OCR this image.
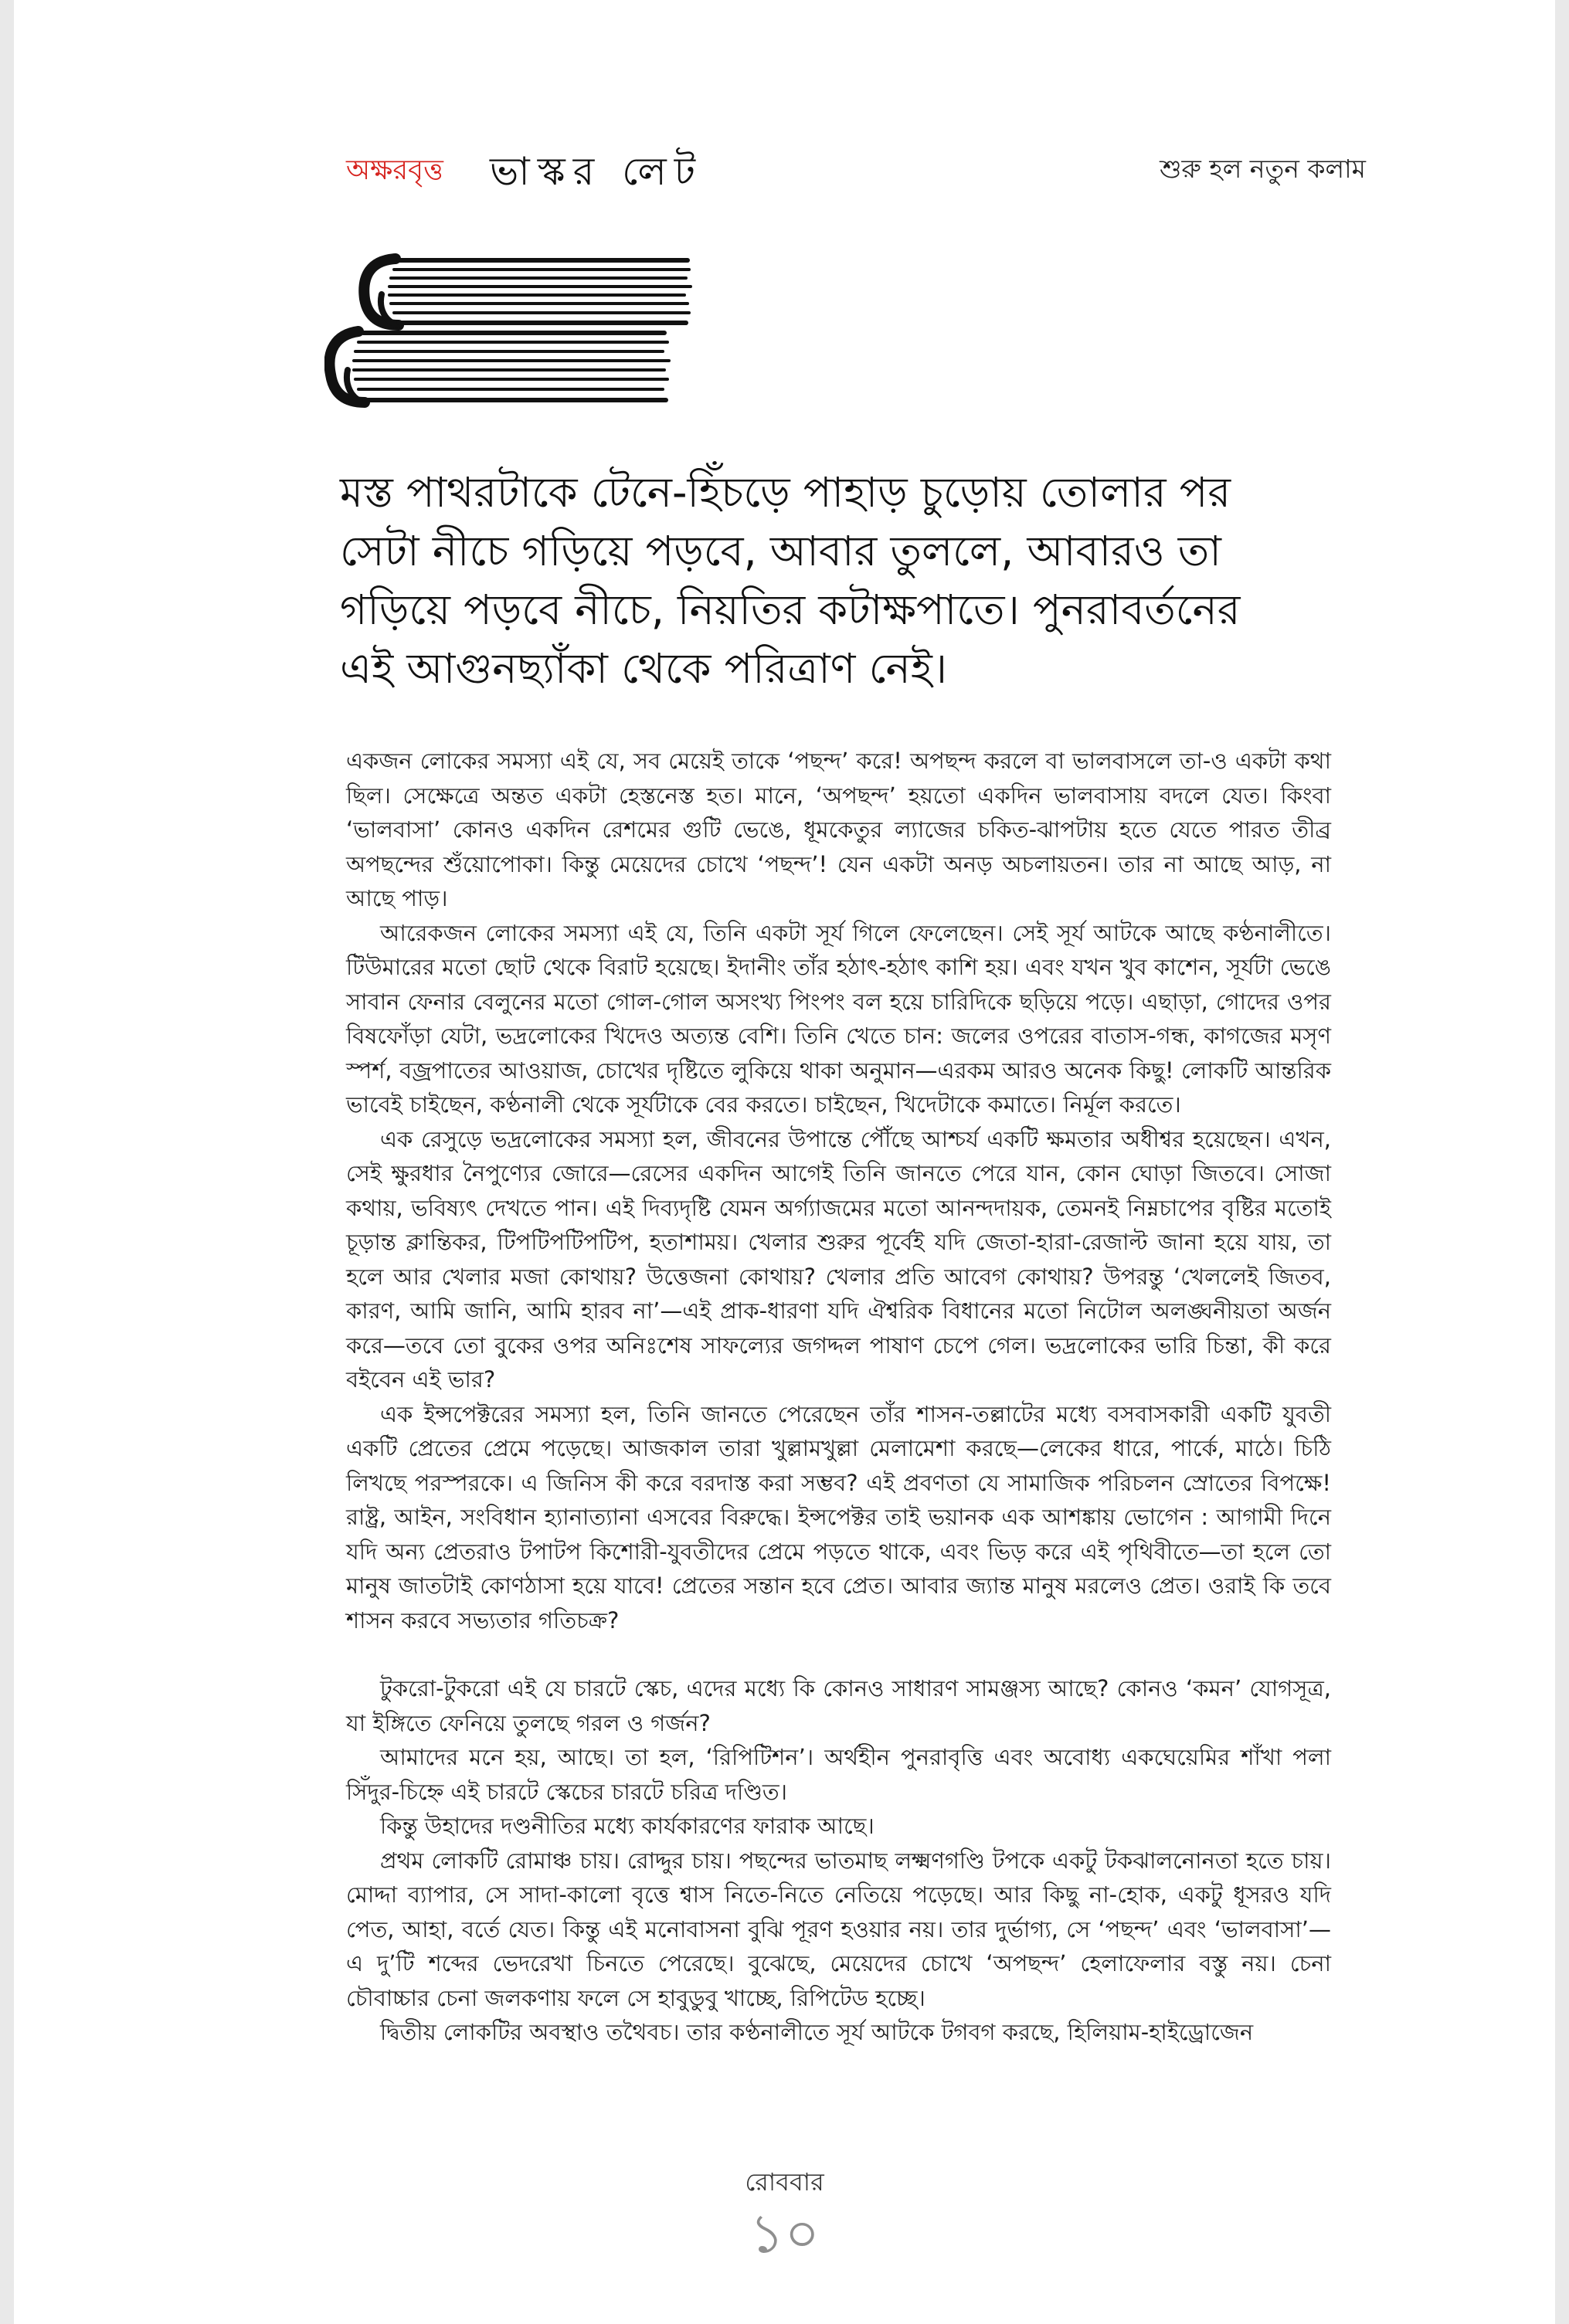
অক্ষরবৃত্ত ভাস্কর লেট	শুরু হল নতুন কলাম

মস্ত পাথরটাকে টেনে-হিঁচড়ে পাহাড় চুড়োয় তোলার পর

সেটা নীচে গড়িয়ে পড়বে, আবার তুললে, আবারও তা

গড়িয়ে পড়বে নীচে, নিয়তির কটাক্ষপাতে। পুনরাবর্তনের

এই আগুনছ্যাঁকা থেকে পরিত্রাণ নেই।

একজন লোকের সমস্যা এই যে, সব মেয়েই তাকে ‘পছন্দ’ করে! অপছন্দ করলে বা ভালবাসলে তা-ও একটা কথা ছিল। সেক্ষেত্রে অন্তত একটা হেস্তনেস্ত হত। মানে, ‘অপছন্দ’ হয়তো একদিন ভালবাসায় বদলে যেত। কিংবা ‘ভালবাসা’ কোনও একদিন রেশমের গুটি ভেঙে, ধূমকেতুর ল্যাজের চকিত-ঝাপটায় হতে যেতে পারত তীব্র অপছন্দের শুঁয়োপোকা। কিন্তু মেয়েদের চোখে ‘পছন্দ’! যেন একটা অনড় অচলায়তন। তার না আছে আড়, না আছে পাড়।

আরেকজন লোকের সমস্যা এই যে, তিনি একটা সূর্য গিলে ফেলেছেন। সেই সূর্য আটকে আছে কণ্ঠনালীতে। টিউমারের মতো ছোট থেকে বিরাট হয়েছে। ইদানীং তাঁর হঠাৎ-হঠাৎ কাশি হয়। এবং যখন খুব কাশেন, সূর্যটা ভেঙে সাবান ফেনার বেলুনের মতো গোল-গোল অসংখ্য পিংপং বল হয়ে চারিদিকে ছড়িয়ে পড়ে। এছাড়া, গোদের ওপর বিষফোঁড়া যেটা, ভদ্রলোকের খিদেও অত্যন্ত বেশি। তিনি খেতে চান: জলের ওপরের বাতাস-গন্ধ, কাগজের মসৃণ স্পর্শ, বজ্রপাতের আওয়াজ, চোখের দৃষ্টিতে লুকিয়ে থাকা অনুমান—এরকম আরও অনেক কিছু! লোকটি আন্তরিক ভাবেই চাইছেন, কণ্ঠনালী থেকে সূর্যটাকে বের করতে। চাইছেন, খিদেটাকে কমাতে। নির্মূল করতে।

এক রেসুড়ে ভদ্রলোকের সমস্যা হল, জীবনের উপান্তে পৌঁছে আশ্চর্য একটি ক্ষমতার অধীশ্বর হয়েছেন। এখন, সেই ক্ষুরধার নৈপুণ্যের জোরে—রেসের একদিন আগেই তিনি জানতে পেরে যান, কোন ঘোড়া জিতবে। সোজা কথায়, ভবিষ্যৎ দেখতে পান। এই দিব্যদৃষ্টি যেমন অর্গ্যাজমের মতো আনন্দদায়ক, তেমনই নিম্নচাপের বৃষ্টির মতোই চূড়ান্ত ক্লান্তিকর, টিপটিপটিপটিপ, হতাশাময়। খেলার শুরুর পূর্বেই যদি জেতা-হারা-রেজাল্ট জানা হয়ে যায়, তা হলে আর খেলার মজা কোথায়? উত্তেজনা কোথায়? খেলার প্রতি আবেগ কোথায়? উপরন্তু ‘খেললেই জিতব, কারণ, আমি জানি, আমি হারব না’—এই প্রাক-ধারণা যদি ঐশ্বরিক বিধানের মতো নিটোল অলঙ্ঘনীয়তা অর্জন করে—তবে তো বুকের ওপর অনিঃশেষ সাফল্যের জগদ্দল পাষাণ চেপে গেল। ভদ্রলোকের ভারি চিন্তা, কী করে বইবেন এই ভার?

এক ইন্সপেক্টরের সমস্যা হল, তিনি জানতে পেরেছেন তাঁর শাসন-তল্লাটের মধ্যে বসবাসকারী একটি যুবতী একটি প্রেতের প্রেমে পড়েছে। আজকাল তারা খুল্লামখুল্লা মেলামেশা করছে—লেকের ধারে, পার্কে, মাঠে। চিঠি লিখছে পরস্পরকে। এ জিনিস কী করে বরদাস্ত করা সম্ভব? এই প্রবণতা যে সামাজিক পরিচলন স্রোতের বিপক্ষে! রাষ্ট্র, আইন, সংবিধান হ্যানাত্যানা এসবের বিরুদ্ধে। ইন্সপেক্টর তাই ভয়ানক এক আশঙ্কায় ভোগেন : আগামী দিনে যদি অন্য প্রেতরাও টপাটপ কিশোরী-যুবতীদের প্রেমে পড়তে থাকে, এবং ভিড় করে এই পৃথিবীতে—তা হলে তো মানুষ জাতটাই কোণঠাসা হয়ে যাবে! প্রেতের সন্তান হবে প্রেত। আবার জ্যান্ত মানুষ মরলেও প্রেত। ওরাই কি তবে শাসন করবে সভ্যতার গতিচক্র?

টুকরো-টুকরো এই যে চারটে স্কেচ, এদের মধ্যে কি কোনও সাধারণ সামঞ্জস্য আছে? কোনও ‘কমন’ যোগসূত্র, যা ইঙ্গিতে ফেনিয়ে তুলছে গরল ও গর্জন?

আমাদের মনে হয়, আছে। তা হল, ‘রিপিটিশন’। অর্থহীন পুনরাবৃত্তি এবং অবোধ্য একঘেয়েমির শাঁখা পলা সিঁদুর-চিহ্নে এই চারটে স্কেচের চারটে চরিত্র দণ্ডিত।

কিন্তু উহাদের দণ্ডনীতির মধ্যে কার্যকারণের ফারাক আছে।

প্রথম লোকটি রোমাঞ্চ চায়। রোদ্দুর চায়। পছন্দের ভাতমাছ লক্ষ্মণগণ্ডি টপকে একটু টকঝালনোনতা হতে চায়। মোদ্দা ব্যাপার, সে সাদা-কালো বৃত্তে শ্বাস নিতে-নিতে নেতিয়ে পড়েছে। আর কিছু না-হোক, একটু ধূসরও যদি পেত, আহা, বর্তে যেত। কিন্তু এই মনোবাসনা বুঝি পূরণ হওয়ার নয়। তার দুর্ভাগ্য, সে ‘পছন্দ’ এবং ‘ভালবাসা’—এ দু’টি শব্দের ভেদরেখা চিনতে পেরেছে। বুঝেছে, মেয়েদের চোখে ‘অপছন্দ’ হেলাফেলার বস্তু নয়। চেনা চৌবাচ্চার চেনা জলকণায় ফলে সে হাবুডুবু খাচ্ছে, রিপিটেড হচ্ছে।

দ্বিতীয় লোকটির অবস্থাও তথৈবচ। তার কণ্ঠনালীতে সূর্য আটকে টগবগ করছে, হিলিয়াম-হাইড্রোজেন

রোববার
১০
